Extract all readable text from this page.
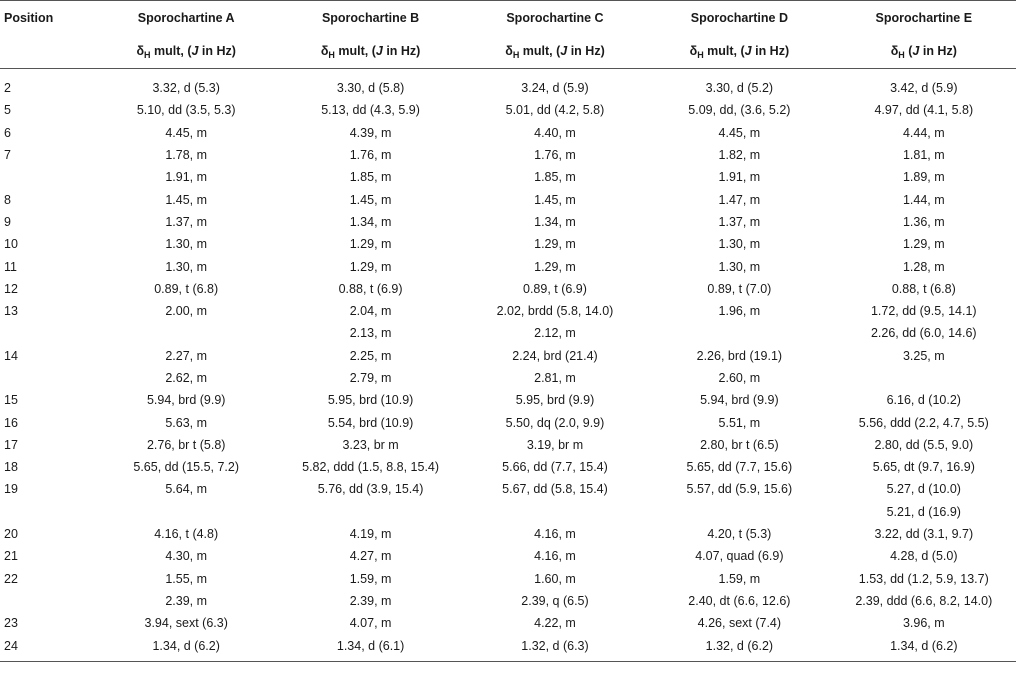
Position	Sporochartine A	Sporochartine B	Sporochartine C	Sporochartine D	Sporochartine E
	$\delta_H$ mult, (J in Hz)	$\delta_H$ mult, (J in Hz)	$\delta_H$ mult, (J in Hz)	$\delta_H$ mult, (J in Hz)	$\delta_H$ (J in Hz)
2	3.32, d (5.3)	3.30, d (5.8)	3.24, d (5.9)	3.30, d (5.2)	3.42, d (5.9)
5	5.10, dd (3.5, 5.3)	5.13, dd (4.3, 5.9)	5.01, dd (4.2, 5.8)	5.09, dd, (3.6, 5.2)	4.97, dd (4.1, 5.8)
6	4.45, m	4.39, m	4.40, m	4.45, m	4.44, m
7	1.78, m	1.76, m	1.76, m	1.82, m	1.81, m
	1.91, m	1.85, m	1.85, m	1.91, m	1.89, m
8	1.45, m	1.45, m	1.45, m	1.47, m	1.44, m
9	1.37, m	1.34, m	1.34, m	1.37, m	1.36, m
10	1.30, m	1.29, m	1.29, m	1.30, m	1.29, m
11	1.30, m	1.29, m	1.29, m	1.30, m	1.28, m
12	0.89, t (6.8)	0.88, t (6.9)	0.89, t (6.9)	0.89, t (7.0)	0.88, t (6.8)
13	2.00, m	2.04, m	2.02, brdd (5.8, 14.0)	1.96, m	1.72, dd (9.5, 14.1)
		2.13, m	2.12, m		2.26, dd (6.0, 14.6)
14	2.27, m	2.25, m	2.24, brd (21.4)	2.26, brd (19.1)	3.25, m
	2.62, m	2.79, m	2.81, m	2.60, m	
15	5.94, brd (9.9)	5.95, brd (10.9)	5.95, brd (9.9)	5.94, brd (9.9)	6.16, d (10.2)
16	5.63, m	5.54, brd (10.9)	5.50, dq (2.0, 9.9)	5.51, m	5.56, ddd (2.2, 4.7, 5.5)
17	2.76, br t (5.8)	3.23, br m	3.19, br m	2.80, br t (6.5)	2.80, dd (5.5, 9.0)
18	5.65, dd (15.5, 7.2)	5.82, ddd (1.5, 8.8, 15.4)	5.66, dd (7.7, 15.4)	5.65, dd (7.7, 15.6)	5.65, dt (9.7, 16.9)
19	5.64, m	5.76, dd (3.9, 15.4)	5.67, dd (5.8, 15.4)	5.57, dd (5.9, 15.6)	5.27, d (10.0)
					5.21, d (16.9)
20	4.16, t (4.8)	4.19, m	4.16, m	4.20, t (5.3)	3.22, dd (3.1, 9.7)
21	4.30, m	4.27, m	4.16, m	4.07, quad (6.9)	4.28, d (5.0)
22	1.55, m	1.59, m	1.60, m	1.59, m	1.53, dd (1.2, 5.9, 13.7)
	2.39, m	2.39, m	2.39, q (6.5)	2.40, dt (6.6, 12.6)	2.39, ddd (6.6, 8.2, 14.0)
23	3.94, sext (6.3)	4.07, m	4.22, m	4.26, sext (7.4)	3.96, m
24	1.34, d (6.2)	1.34, d (6.1)	1.32, d (6.3)	1.32, d (6.2)	1.34, d (6.2)
